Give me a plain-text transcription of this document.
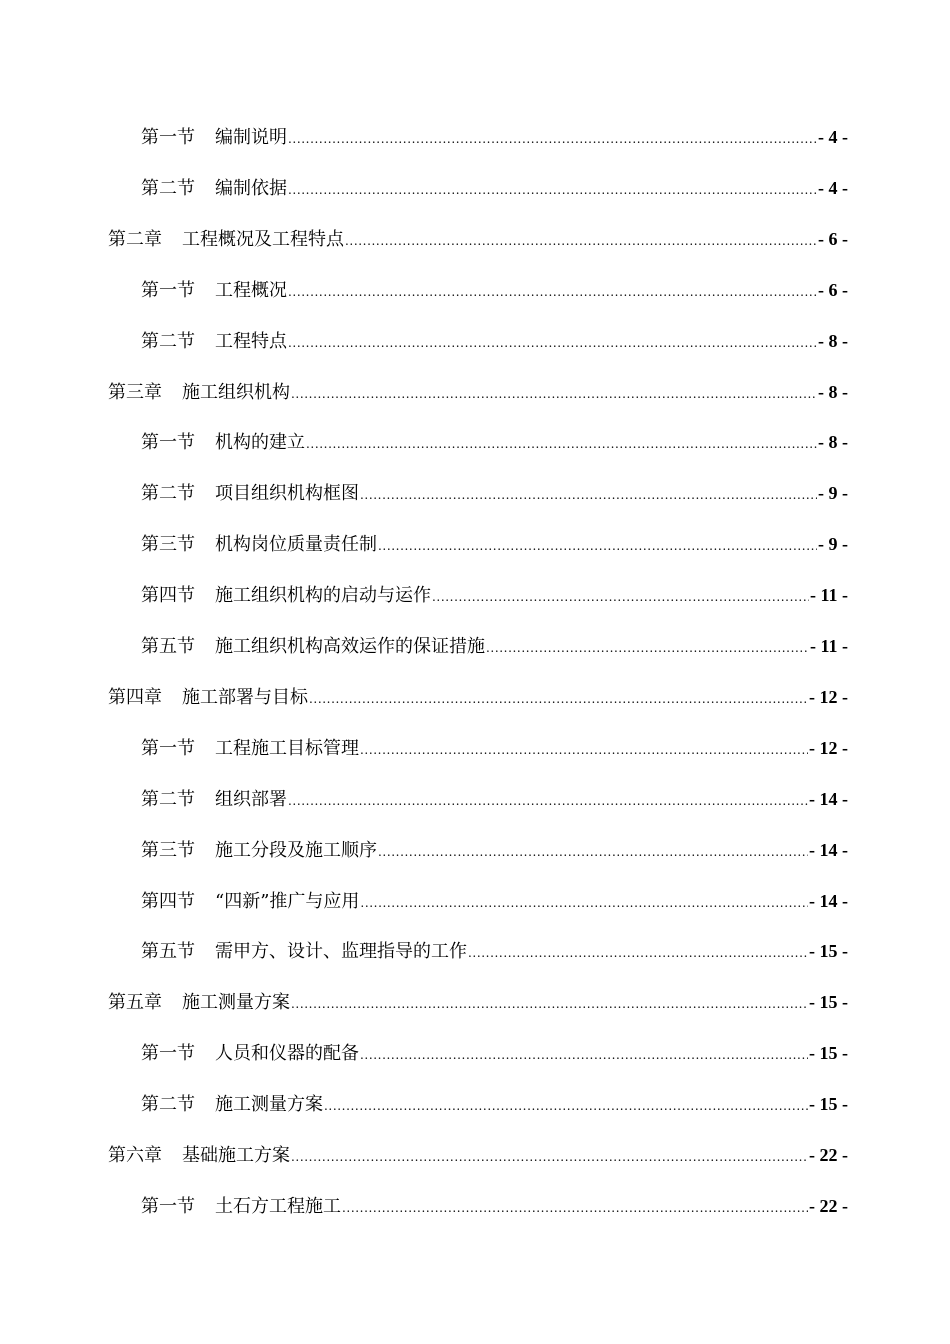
第一节 编制说明 .....	- 4 -
第二节 编制依据 .....	- 4 -
第二章 工程概况及工程特点 .....	- 6 -
第一节 工程概况 .....	- 6 -
第二节 工程特点 .....	- 8 -
第三章 施工组织机构 .....	- 8 -
第一节 机构的建立 .....	- 8 -
第二节 项目组织机构框图 .....	- 9 -
第三节 机构岗位质量责任制 .....	- 9 -
第四节 施工组织机构的启动与运作 .....	- 11 -
第五节 施工组织机构高效运作的保证措施 .....	- 11 -
第四章 施工部署与目标 .....	- 12 -
第一节 工程施工目标管理 .....	- 12 -
第二节 组织部署 .....	- 14 -
第三节 施工分段及施工顺序 .....	- 14 -
第四节 “四新”推广与应用 .....	- 14 -
第五节 需甲方、设计、监理指导的工作 .....	- 15 -
第五章 施工测量方案 .....	- 15 -
第一节 人员和仪器的配备 .....	- 15 -
第二节 施工测量方案 .....	- 15 -
第六章 基础施工方案 .....	- 22 -
第一节 土石方工程施工 .....	- 22 -
